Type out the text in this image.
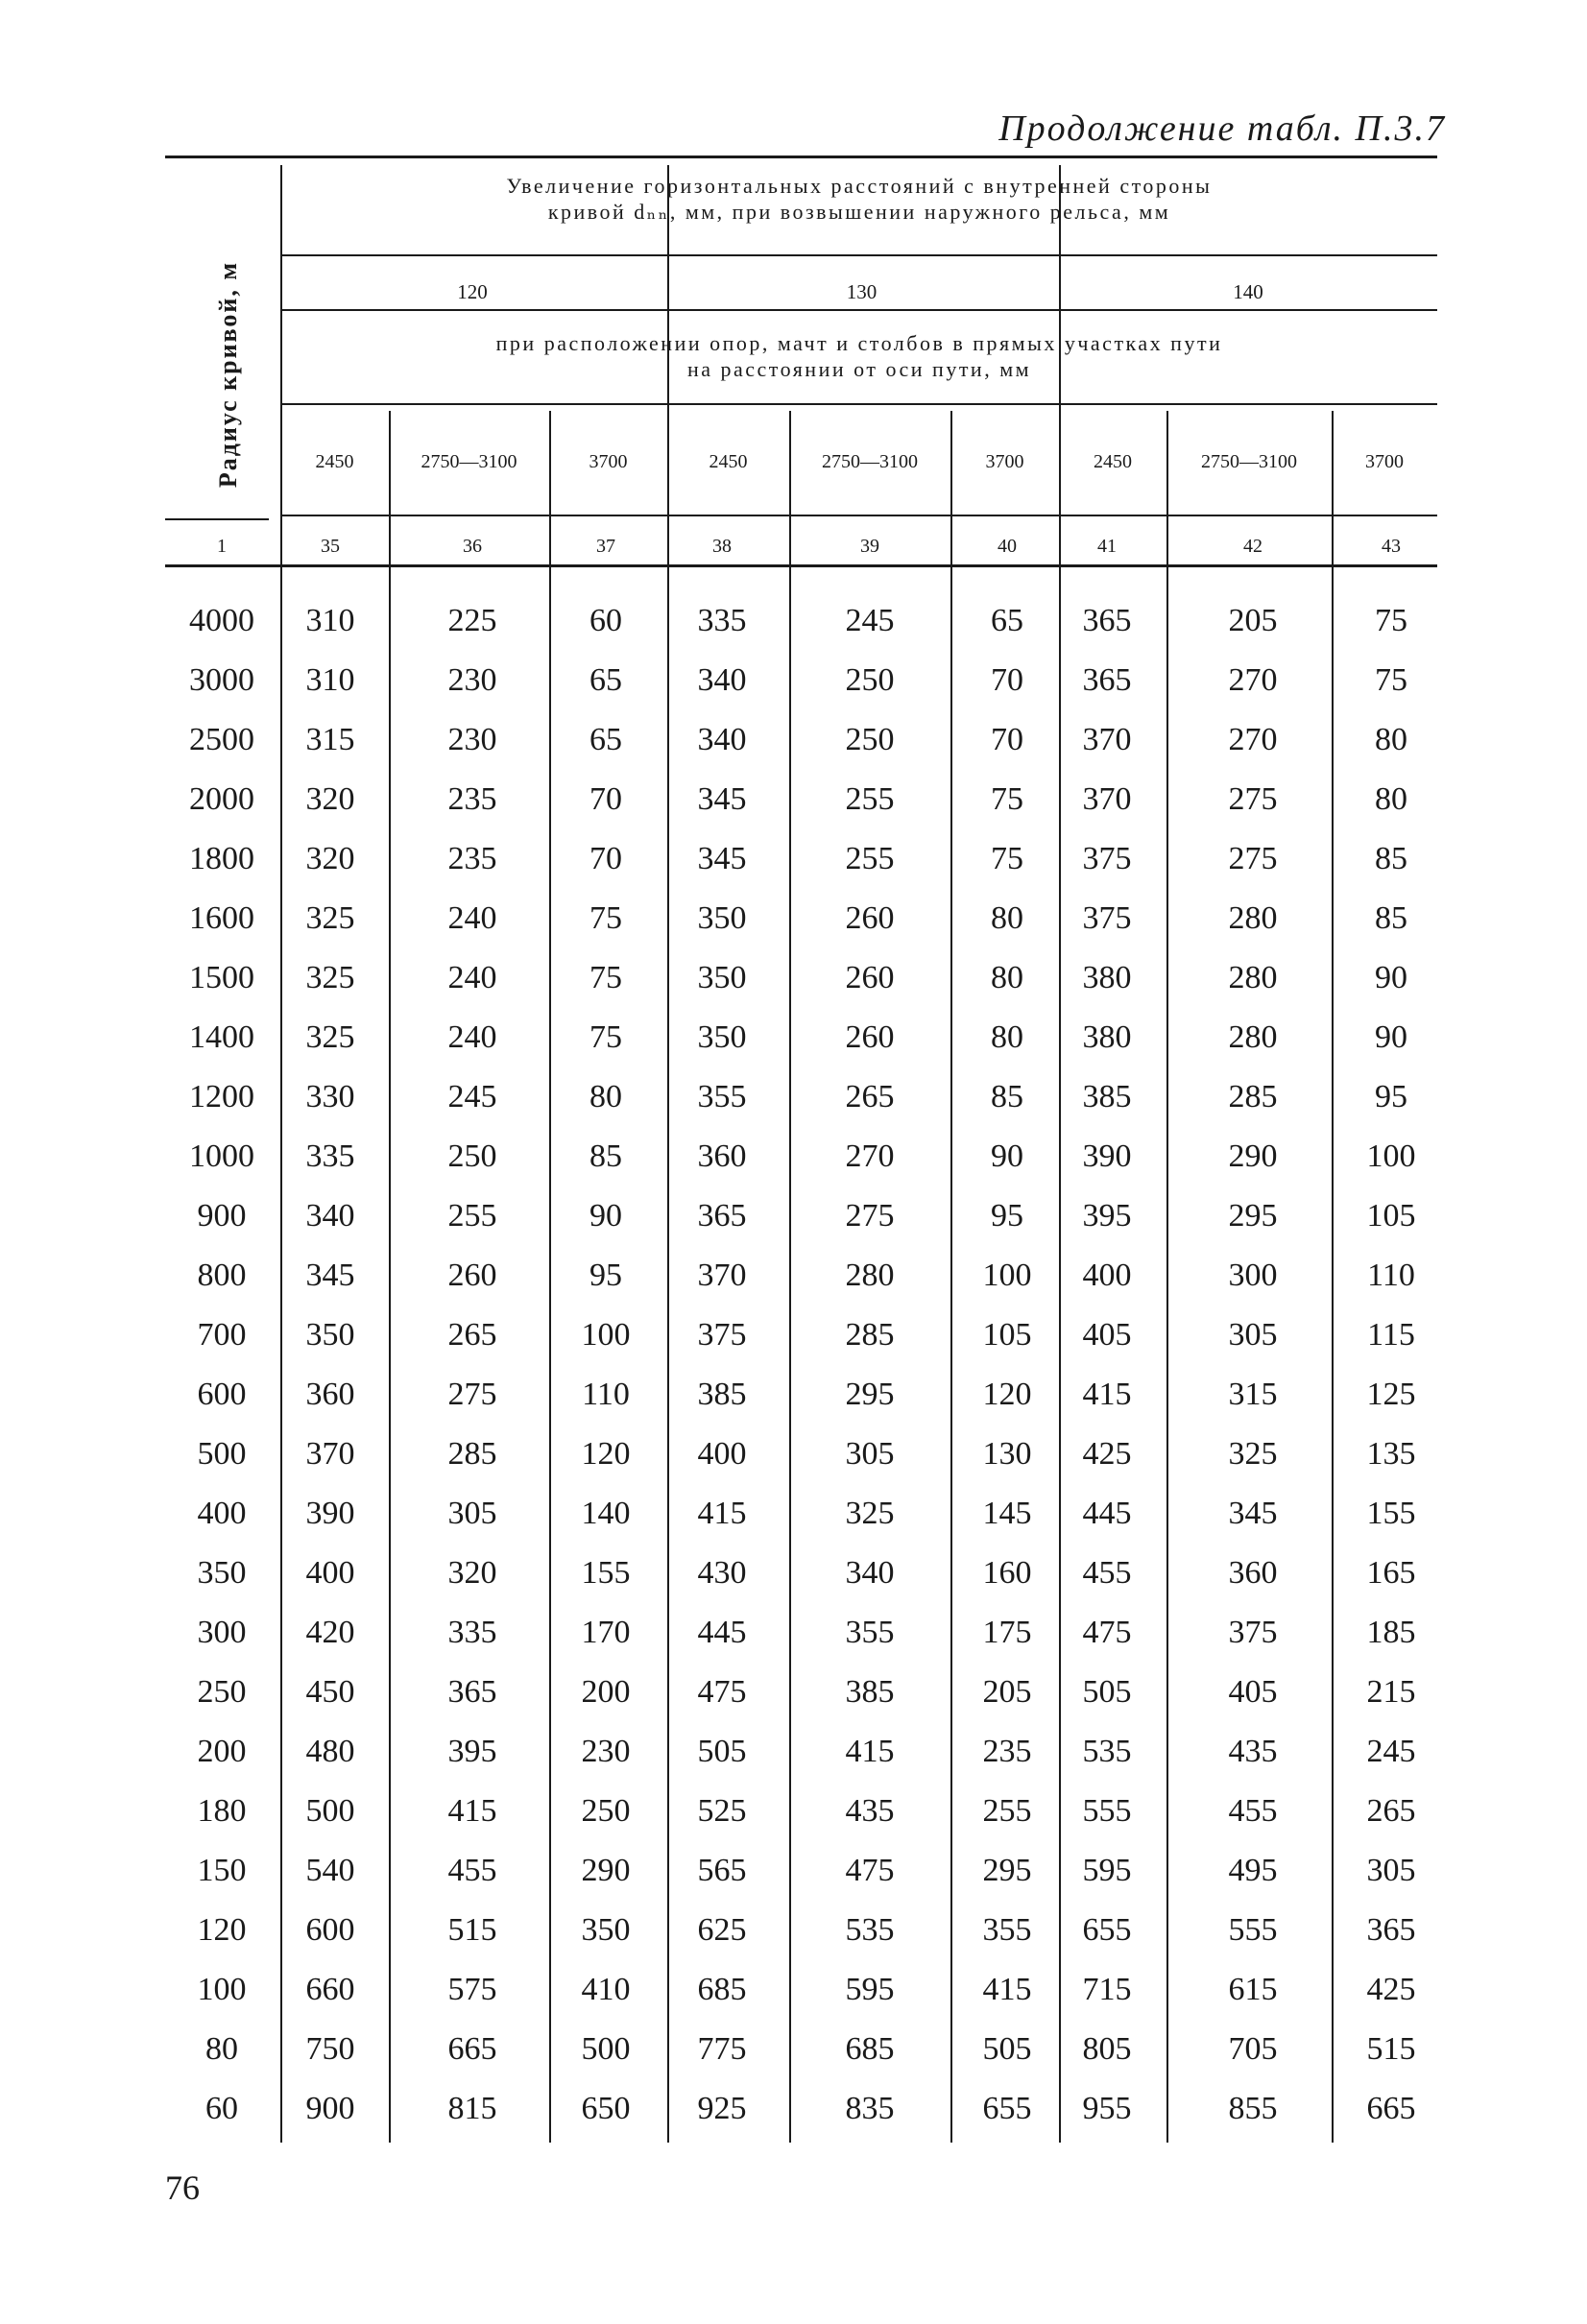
Продолжение табл. П.3.7
Радиус кривой, м
Увеличение горизонтальных расстояний с внутренней стороны
кривой dₙₙ, мм, при возвышении наружного рельса, мм
120	130	140
при расположении опор, мачт и столбов в прямых участках пути
на расстоянии от оси пути, мм
2450	2750—3100	3700	2450	2750—3100	3700	2450	2750—3100	3700
1	35	36	37	38	39	40	41	42	43
4000	310	225	60	335	245	65	365	205	75
3000	310	230	65	340	250	70	365	270	75
2500	315	230	65	340	250	70	370	270	80
2000	320	235	70	345	255	75	370	275	80
1800	320	235	70	345	255	75	375	275	85
1600	325	240	75	350	260	80	375	280	85
1500	325	240	75	350	260	80	380	280	90
1400	325	240	75	350	260	80	380	280	90
1200	330	245	80	355	265	85	385	285	95
1000	335	250	85	360	270	90	390	290	100
900	340	255	90	365	275	95	395	295	105
800	345	260	95	370	280	100	400	300	110
700	350	265	100	375	285	105	405	305	115
600	360	275	110	385	295	120	415	315	125
500	370	285	120	400	305	130	425	325	135
400	390	305	140	415	325	145	445	345	155
350	400	320	155	430	340	160	455	360	165
300	420	335	170	445	355	175	475	375	185
250	450	365	200	475	385	205	505	405	215
200	480	395	230	505	415	235	535	435	245
180	500	415	250	525	435	255	555	455	265
150	540	455	290	565	475	295	595	495	305
120	600	515	350	625	535	355	655	555	365
100	660	575	410	685	595	415	715	615	425
80	750	665	500	775	685	505	805	705	515
60	900	815	650	925	835	655	955	855	665
76
